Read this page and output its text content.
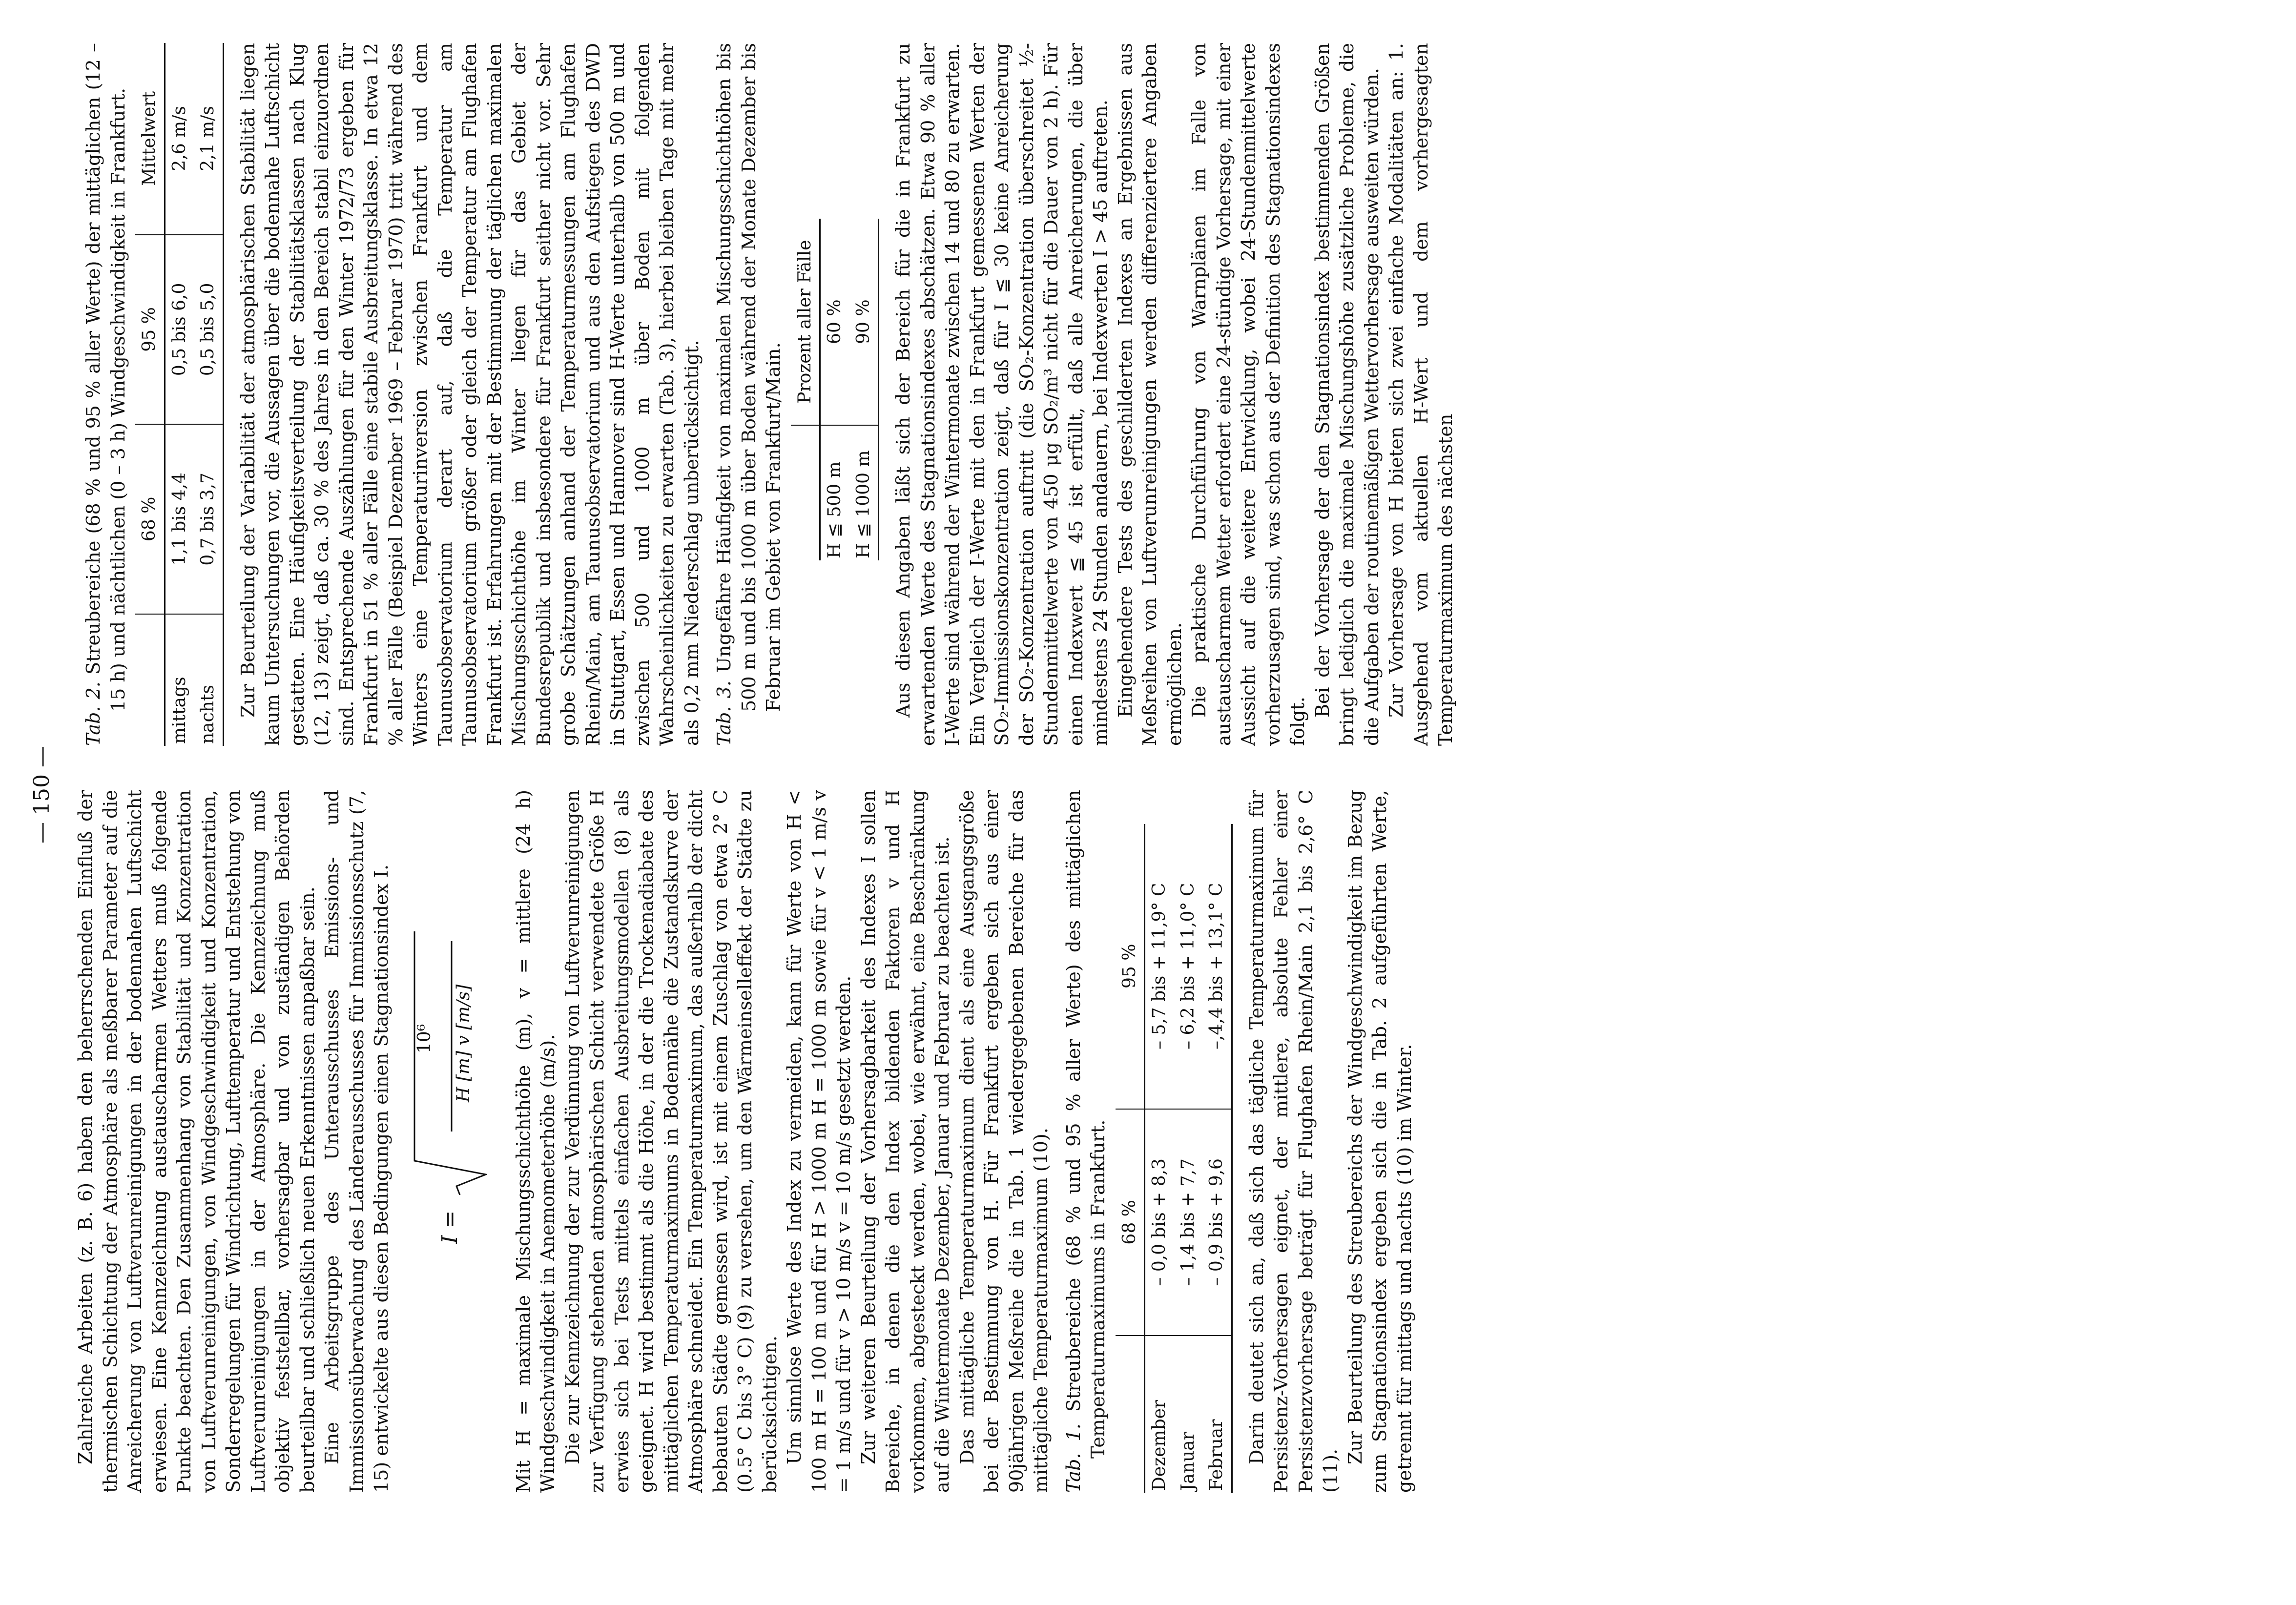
— 150 — Zahlreiche Arbeiten (z. B. 6) haben den beherrschenden Einfluß der thermischen Schichtung der Atmosphäre als meßbarer Parameter auf die Anreicherung von Luftverunreinigungen in der bodennahen Luftschicht erwiesen. Eine Kennzeichnung austauscharmen Wetters muß folgende Punkte beachten. Den Zusammenhang von Stabilität und Konzentration von Luftverunreinigungen, von Windgeschwindigkeit und Konzentration, Sonderregelungen für Windrichtung, Lufttemperatur und Entstehung von Luftverunreinigungen in der Atmosphäre. Die Kennzeichnung muß objektiv feststellbar, vorhersagbar und von zuständigen Behörden beurteilbar und schließlich neuen Erkenntnissen anpaßbar sein. Eine Arbeitsgruppe des Unterausschusses Emissions- und Immissionsüberwachung des Länderausschusses für Immissionsschutz (7, 15) entwickelte aus diesen Bedingungen einen Stagnationsindex I. I =
10⁶ H [m] v [m/s] Mit H = maximale Mischungsschichthöhe (m), v = mittlere (24 h) Windgeschwindigkeit in Anemometerhöhe (m/s). Die zur Kennzeichnung der zur Verdünnung von Luftverunreinigungen zur Verfügung stehenden atmosphärischen Schicht verwendete Größe H erwies sich bei Tests mittels einfachen Ausbreitungsmodellen (8) als geeignet. H wird bestimmt als die Höhe, in der die Trockenadiabate des mittäglichen Temperaturmaximums in Bodennähe die Zustandskurve der Atmosphäre schneidet. Ein Temperaturmaximum, das außerhalb der dicht bebauten Städte gemessen wird, ist mit einem Zuschlag von etwa 2° C (0.5° C bis 3° C) (9) zu versehen, um den Wärmeinselleffekt der Städte zu berücksichtigen. Um sinnlose Werte des Index zu vermeiden, kann für Werte von H < 100 m H = 100 m und für H > 1000 m H = 1000 m sowie für v < 1 m/s v = 1 m/s und für v > 10 m/s v = 10 m/s gesetzt werden. Zur weiteren Beurteilung der Vorhersagbarkeit des Indexes I sollen Bereiche, in denen die den Index bildenden Faktoren v und H vorkommen, abgesteckt werden, wobei, wie erwähnt, eine Beschränkung auf die Wintermonate Dezember, Januar und Februar zu beachten ist. Das mittägliche Temperaturmaximum dient als eine Ausgangsgröße bei der Bestimmung von H. Für Frankfurt ergeben sich aus einer 90jährigen Meßreihe die in Tab. 1 wiedergegebenen Bereiche für das mittägliche Temperaturmaximum (10). Tab. 1. Streubereiche (68 % und 95 % aller Werte) des mittäglichen Temperaturmaximums in Frankfurt.
	68 %	95 %
Dezember	– 0,0 bis + 8,3	– 5,7 bis + 11,9° C
Januar	– 1,4 bis + 7,7	– 6,2 bis + 11,0° C
Februar	– 0,9 bis + 9,6	–,4,4 bis + 13,1° C Darin deutet sich an, daß sich das tägliche Temperaturmaximum für Persistenz-Vorhersagen eignet, der mittlere, absolute Fehler einer Persistenzvorhersage beträgt für Flughafen Rhein/Main 2,1 bis 2,6° C (11).

Zur Beurteilung des Streubereichs der Windgeschwindigkeit im Bezug zum Stagnationsindex ergeben sich die in Tab. 2 aufgeführten Werte, getrennt für mittags und nachts (10) im Winter.

Tab. 2. Streubereiche (68 % und 95 % aller Werte) der mittäglichen (12 – 15 h) und nächtlichen (0 – 3 h) Windgeschwindigkeit in Frankfurt.
	68 %	95 %	Mittelwert
mittags	1,1 bis 4,4	0,5 bis 6,0	2,6 m/s
nachts	0,7 bis 3,7	0,5 bis 5,0	2,1 m/s Zur Beurteilung der Variabilität der atmosphärischen Stabilität liegen kaum Untersuchungen vor, die Aussagen über die bodennahe Luftschicht gestatten. Eine Häufigkeitsverteilung der Stabilitätsklassen nach Klug (12, 13) zeigt, daß ca. 30 % des Jahres in den Bereich stabil einzuordnen sind. Entsprechende Auszählungen für den Winter 1972/73 ergeben für Frankfurt in 51 % aller Fälle eine stabile Ausbreitungsklasse. In etwa 12 % aller Fälle (Beispiel Dezember 1969 – Februar 1970) tritt während des Winters eine Temperaturinversion zwischen Frankfurt und dem Taunusobservatorium derart auf, daß die Temperatur am Taunusobservatorium größer oder gleich der Temperatur am Flughafen Frankfurt ist. Erfahrungen mit der Bestimmung der täglichen maximalen Mischungsschichthöhe im Winter liegen für das Gebiet der Bundesrepublik und insbesondere für Frankfurt seither nicht vor. Sehr grobe Schätzungen anhand der Temperaturmessungen am Flughafen Rhein/Main, am Taunusobservatorium und aus den Aufstiegen des DWD in Stuttgart, Essen und Hannover sind H-Werte unterhalb von 500 m und zwischen 500 und 1000 m über Boden mit folgenden Wahrscheinlichkeiten zu erwarten (Tab. 3), hierbei bleiben Tage mit mehr als 0,2 mm Niederschlag unberücksichtigt. Tab. 3. Ungefähre Häufigkeit von maximalen Mischungsschichthöhen bis 500 m und bis 1000 m über Boden während der Monate Dezember bis Februar im Gebiet von Frankfurt/Main.
	Prozent aller Fälle
H ≦ 500 m	60 %
H ≦ 1000 m	90 % Aus diesen Angaben läßt sich der Bereich für die in Frankfurt zu erwartenden Werte des Stagnationsindexes abschätzen. Etwa 90 % aller I-Werte sind während der Wintermonate zwischen 14 und 80 zu erwarten. Ein Vergleich der I-Werte mit den in Frankfurt gemessenen Werten der SO₂-Immissionskonzentration zeigt, daß für I ≦ 30 keine Anreicherung der SO₂-Konzentration auftritt (die SO₂-Konzentration überschreitet ½-Stundenmittelwerte von 450 μg SO₂/m³ nicht für die Dauer von 2 h). Für einen Indexwert ≦ 45 ist erfüllt, daß alle Anreicherungen, die über mindestens 24 Stunden andauern, bei Indexwerten I > 45 auftreten. Eingehendere Tests des geschilderten Indexes an Ergebnissen aus Meßreihen von Luftverunreinigungen werden differenziertere Angaben ermöglichen. Die praktische Durchführung von Warnplänen im Falle von austauscharmem Wetter erfordert eine 24-stündige Vorhersage, mit einer Aussicht auf die weitere Entwicklung, wobei 24-Stundenmittelwerte vorherzusagen sind, was schon aus der Definition des Stagnationsindexes folgt.

Bei der Vorhersage der den Stagnationsindex bestimmenden Größen bringt lediglich die maximale Mischungshöhe zusätzliche Probleme, die die Aufgaben der routinemäßigen Wettervorhersage ausweiten würden. Zur Vorhersage von H bieten sich zwei einfache Modalitäten an: 1. Ausgehend vom aktuellen H-Wert und dem vorhergesagten Temperaturmaximum des nächsten
